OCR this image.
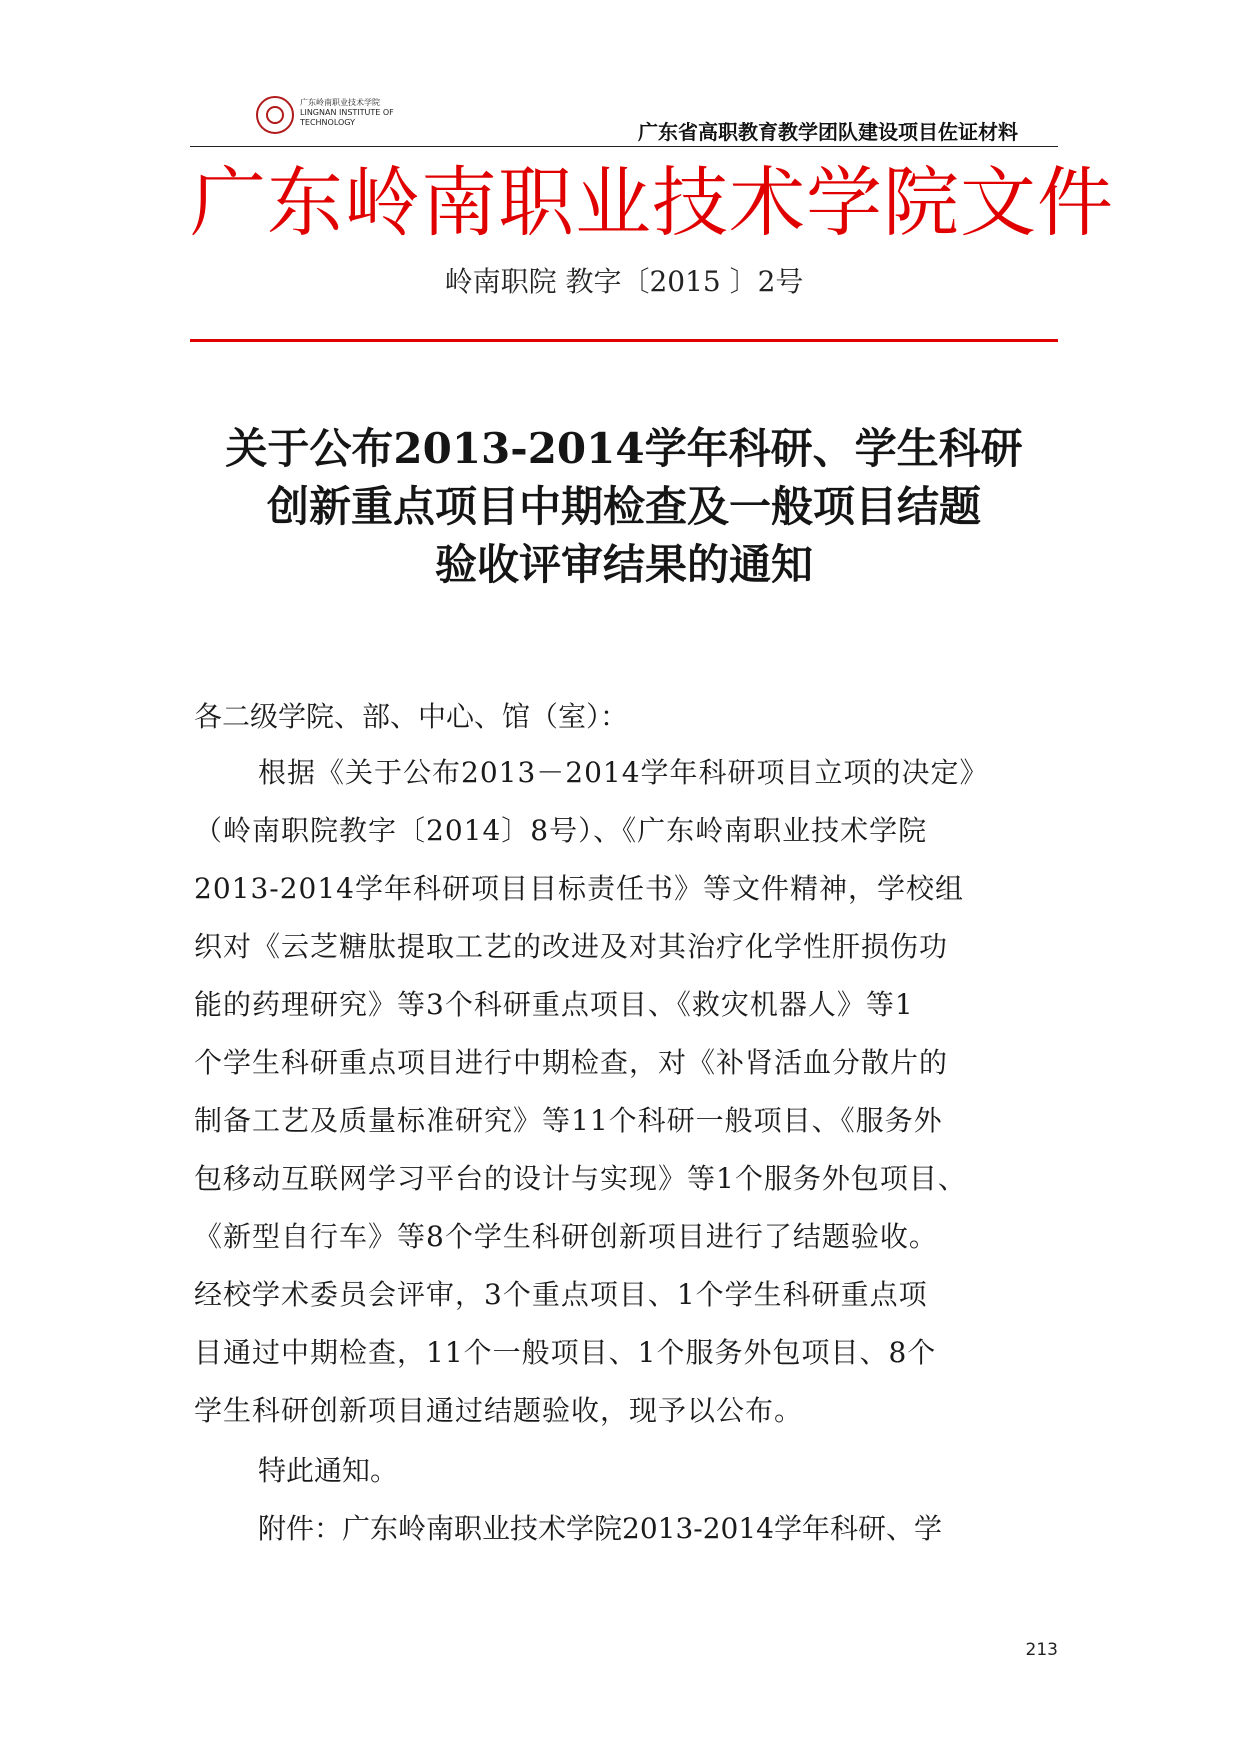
广东岭南职业技术学院
LINGNAN INSTITUTE OF
TECHNOLOGY	广东省高职教育教学团队建设项目佐证材料
广东岭南职业技术学院文件
岭南职院 教字〔2015 〕2号
关于公布2013-2014学年科研、学生科研
创新重点项目中期检查及一般项目结题
验收评审结果的通知
各二级学院、部、中心、馆（室）：
根据《关于公布2013－2014学年科研项目立项的决定》
（岭南职院教字〔2014〕8号）、《广东岭南职业技术学院
2013-2014学年科研项目目标责任书》等文件精神，学校组
织对《云芝糖肽提取工艺的改进及对其治疗化学性肝损伤功
能的药理研究》等3个科研重点项目、《救灾机器人》等1
个学生科研重点项目进行中期检查，对《补肾活血分散片的
制备工艺及质量标准研究》等11个科研一般项目、《服务外
包移动互联网学习平台的设计与实现》等1个服务外包项目、
《新型自行车》等8个学生科研创新项目进行了结题验收。
经校学术委员会评审，3个重点项目、1个学生科研重点项
目通过中期检查，11个一般项目、1个服务外包项目、8个
学生科研创新项目通过结题验收，现予以公布。
特此通知。
附件：广东岭南职业技术学院2013-2014学年科研、学
213
